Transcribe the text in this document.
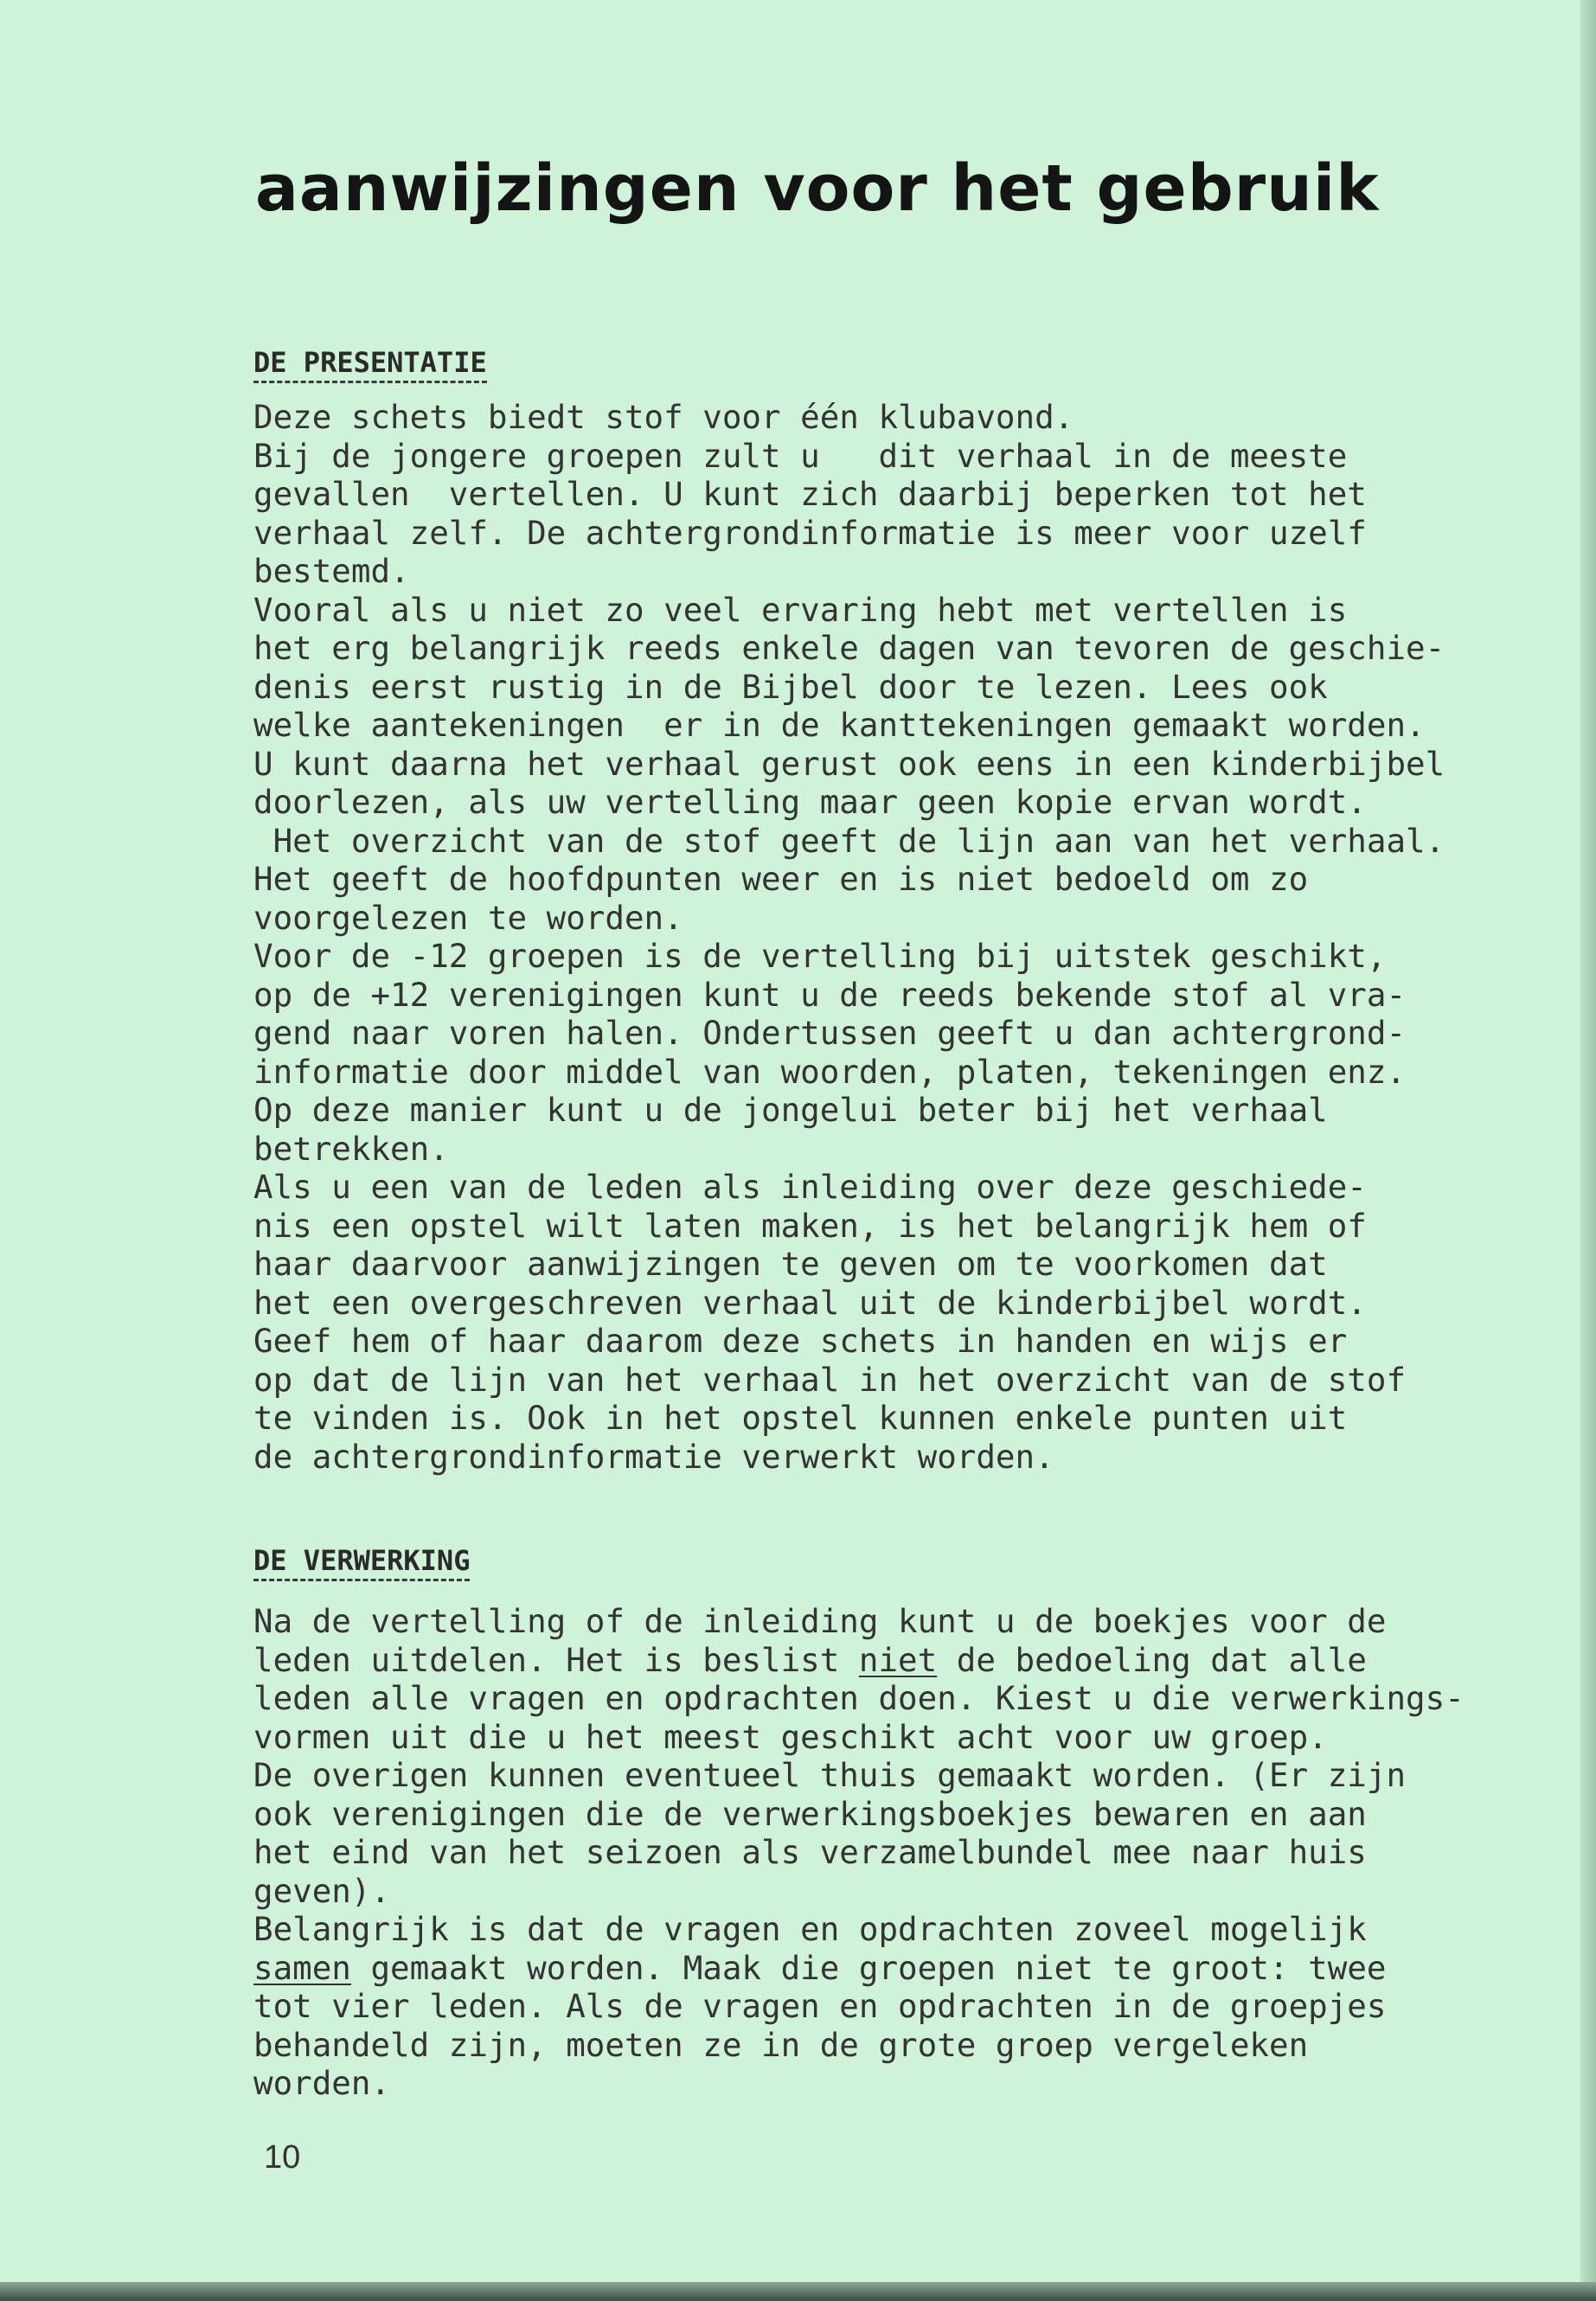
aanwijzingen voor het gebruik
DE PRESENTATIE
Deze schets biedt stof voor één klubavond.
Bij de jongere groepen zult u   dit verhaal in de meeste
gevallen  vertellen. U kunt zich daarbij beperken tot het
verhaal zelf. De achtergrondinformatie is meer voor uzelf
bestemd.
Vooral als u niet zo veel ervaring hebt met vertellen is
het erg belangrijk reeds enkele dagen van tevoren de geschie-
denis eerst rustig in de Bijbel door te lezen. Lees ook
welke aantekeningen  er in de kanttekeningen gemaakt worden.
U kunt daarna het verhaal gerust ook eens in een kinderbijbel
doorlezen, als uw vertelling maar geen kopie ervan wordt.
Het overzicht van de stof geeft de lijn aan van het verhaal.
Het geeft de hoofdpunten weer en is niet bedoeld om zo
voorgelezen te worden.
Voor de -12 groepen is de vertelling bij uitstek geschikt,
op de +12 verenigingen kunt u de reeds bekende stof al vra-
gend naar voren halen. Ondertussen geeft u dan achtergrond-
informatie door middel van woorden, platen, tekeningen enz.
Op deze manier kunt u de jongelui beter bij het verhaal
betrekken.
Als u een van de leden als inleiding over deze geschiede-
nis een opstel wilt laten maken, is het belangrijk hem of
haar daarvoor aanwijzingen te geven om te voorkomen dat
het een overgeschreven verhaal uit de kinderbijbel wordt.
Geef hem of haar daarom deze schets in handen en wijs er
op dat de lijn van het verhaal in het overzicht van de stof
te vinden is. Ook in het opstel kunnen enkele punten uit
de achtergrondinformatie verwerkt worden.
DE VERWERKING
Na de vertelling of de inleiding kunt u de boekjes voor de
leden uitdelen. Het is beslist niet de bedoeling dat alle
leden alle vragen en opdrachten doen. Kiest u die verwerkings-
vormen uit die u het meest geschikt acht voor uw groep.
De overigen kunnen eventueel thuis gemaakt worden. (Er zijn
ook verenigingen die de verwerkingsboekjes bewaren en aan
het eind van het seizoen als verzamelbundel mee naar huis
geven).
Belangrijk is dat de vragen en opdrachten zoveel mogelijk
samen gemaakt worden. Maak die groepen niet te groot: twee
tot vier leden. Als de vragen en opdrachten in de groepjes
behandeld zijn, moeten ze in de grote groep vergeleken
worden.
10
